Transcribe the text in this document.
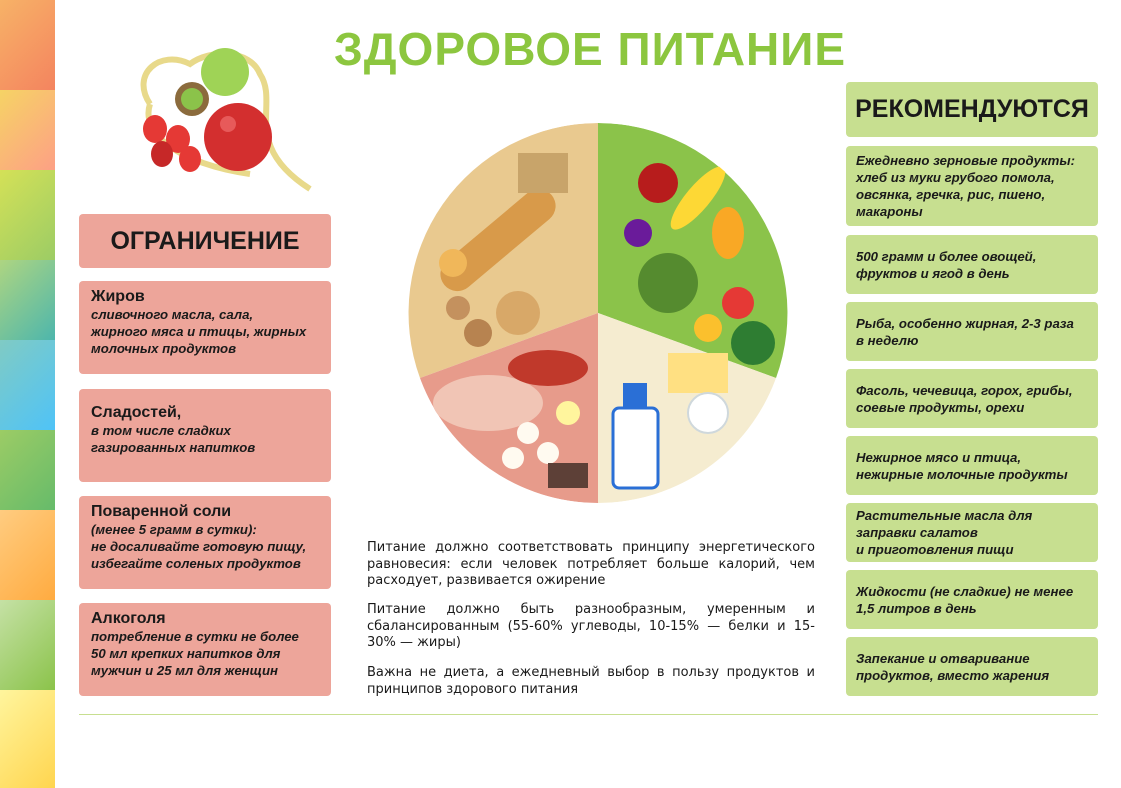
ЗДОРОВОЕ ПИТАНИЕ
ОГРАНИЧЕНИЕ
Жиров
сливочного масла, сала,
жирного мяса и птицы, жирных
молочных продуктов
Сладостей,
в том числе сладких
газированных напитков
Поваренной соли
(менее 5 грамм в сутки):
не досаливайте готовую пищу,
избегайте соленых продуктов
Алкоголя
потребление в сутки не более
50 мл крепких напитков для
мужчин и 25 мл для женщин
Питание должно соответствовать принципу энергетического равновесия: если человек потребляет больше калорий, чем расходует, развивается ожирение
Питание должно быть разнообразным, умеренным и сбалансированным (55-60% углеводы, 10-15% — белки и 15-30% — жиры)
Важна не диета, а ежедневный выбор в пользу продуктов и принципов здорового питания
РЕКОМЕНДУЮТСЯ
Ежедневно зерновые продукты:
хлеб из муки грубого помола,
овсянка, гречка, рис, пшено,
макароны
500 грамм и более овощей,
фруктов и ягод в день
Рыба, особенно жирная, 2-3 раза
в неделю
Фасоль, чечевица, горох, грибы,
соевые продукты, орехи
Нежирное мясо и птица,
нежирные молочные продукты
Растительные масла для
заправки салатов
и приготовления пищи
Жидкости (не сладкие) не менее
1,5 литров в день
Запекание и отваривание
продуктов, вместо жарения
